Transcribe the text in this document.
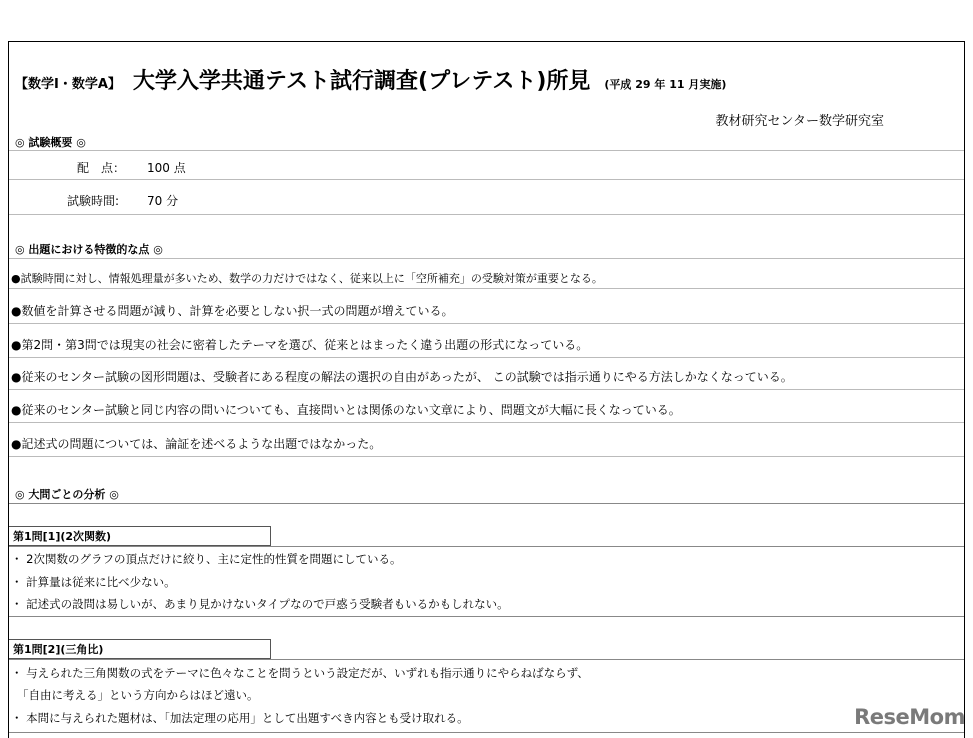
【数学Ⅰ・数学A】 大学入学共通テスト試行調査(プレテスト)所見 (平成 29 年 11 月実施)
教材研究センター数学研究室
◎ 試験概要 ◎
配　点： 100 点
試験時間: 70 分
◎ 出題における特徴的な点 ◎
●試験時間に対し、情報処理量が多いため、数学の力だけではなく、従来以上に「空所補充」の受験対策が重要となる。
●数値を計算させる問題が減り、計算を必要としない択一式の問題が増えている。
●第2問・第3問では現実の社会に密着したテーマを選び、従来とはまったく違う出題の形式になっている。
●従来のセンター試験の図形問題は、受験者にある程度の解法の選択の自由があったが、 この試験では指示通りにやる方法しかなくなっている。
●従来のセンター試験と同じ内容の問いについても、直接問いとは関係のない文章により、問題文が大幅に長くなっている。
●記述式の問題については、論証を述べるような出題ではなかった。
◎ 大問ごとの分析 ◎
第1問[1](2次関数)
・ 2次関数のグラフの頂点だけに絞り、主に定性的性質を問題にしている。
・ 計算量は従来に比べ少ない。
・ 記述式の設問は易しいが、あまり見かけないタイプなので戸惑う受験者もいるかもしれない。
第1問[2](三角比)
・ 与えられた三角関数の式をテーマに色々なことを問うという設定だが、いずれも指示通りにやらねばならず、
「自由に考える」という方向からはほど遠い。
・ 本問に与えられた題材は、「加法定理の応用」として出題すべき内容とも受け取れる。	ReseMom
